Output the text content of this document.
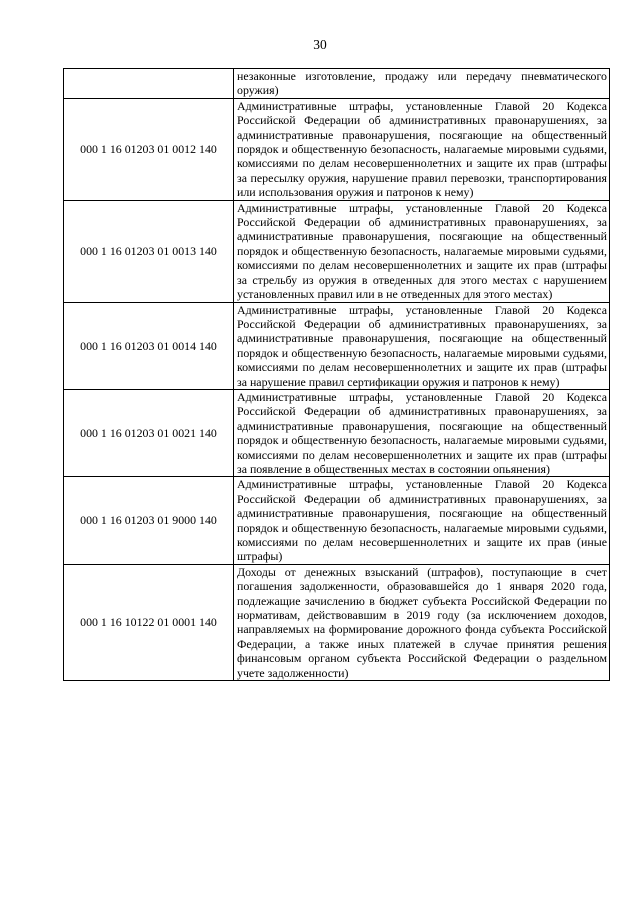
30
	незаконные изготовление, продажу или передачу пневматического оружия)
000 1 16 01203 01 0012 140	Административные штрафы, установленные Главой 20 Кодекса Российской Федерации об административных правонарушениях, за административные правонарушения, посягающие на общественный порядок и общественную безопасность, налагаемые мировыми судьями, комиссиями по делам несовершеннолетних и защите их прав (штрафы за пересылку оружия, нарушение правил перевозки, транспортирования или использования оружия и патронов к нему)
000 1 16 01203 01 0013 140	Административные штрафы, установленные Главой 20 Кодекса Российской Федерации об административных правонарушениях, за административные правонарушения, посягающие на общественный порядок и общественную безопасность, налагаемые мировыми судьями, комиссиями по делам несовершеннолетних и защите их прав (штрафы за стрельбу из оружия в отведенных для этого местах с нарушением установленных правил или в не отведенных для этого местах)
000 1 16 01203 01 0014 140	Административные штрафы, установленные Главой 20 Кодекса Российской Федерации об административных правонарушениях, за административные правонарушения, посягающие на общественный порядок и общественную безопасность, налагаемые мировыми судьями, комиссиями по делам несовершеннолетних и защите их прав (штрафы за нарушение правил сертификации оружия и патронов к нему)
000 1 16 01203 01 0021 140	Административные штрафы, установленные Главой 20 Кодекса Российской Федерации об административных правонарушениях, за административные правонарушения, посягающие на общественный порядок и общественную безопасность, налагаемые мировыми судьями, комиссиями по делам несовершеннолетних и защите их прав (штрафы за появление в общественных местах в состоянии опьянения)
000 1 16 01203 01 9000 140	Административные штрафы, установленные Главой 20 Кодекса Российской Федерации об административных правонарушениях, за административные правонарушения, посягающие на общественный порядок и общественную безопасность, налагаемые мировыми судьями, комиссиями по делам несовершеннолетних и защите их прав (иные штрафы)
000 1 16 10122 01 0001 140	Доходы от денежных взысканий (штрафов), поступающие в счет погашения задолженности, образовавшейся до 1 января 2020 года, подлежащие зачислению в бюджет субъекта Российской Федерации по нормативам, действовавшим в 2019 году (за исключением доходов, направляемых на формирование дорожного фонда субъекта Российской Федерации, а также иных платежей в случае принятия решения финансовым органом субъекта Российской Федерации о раздельном учете задолженности)
